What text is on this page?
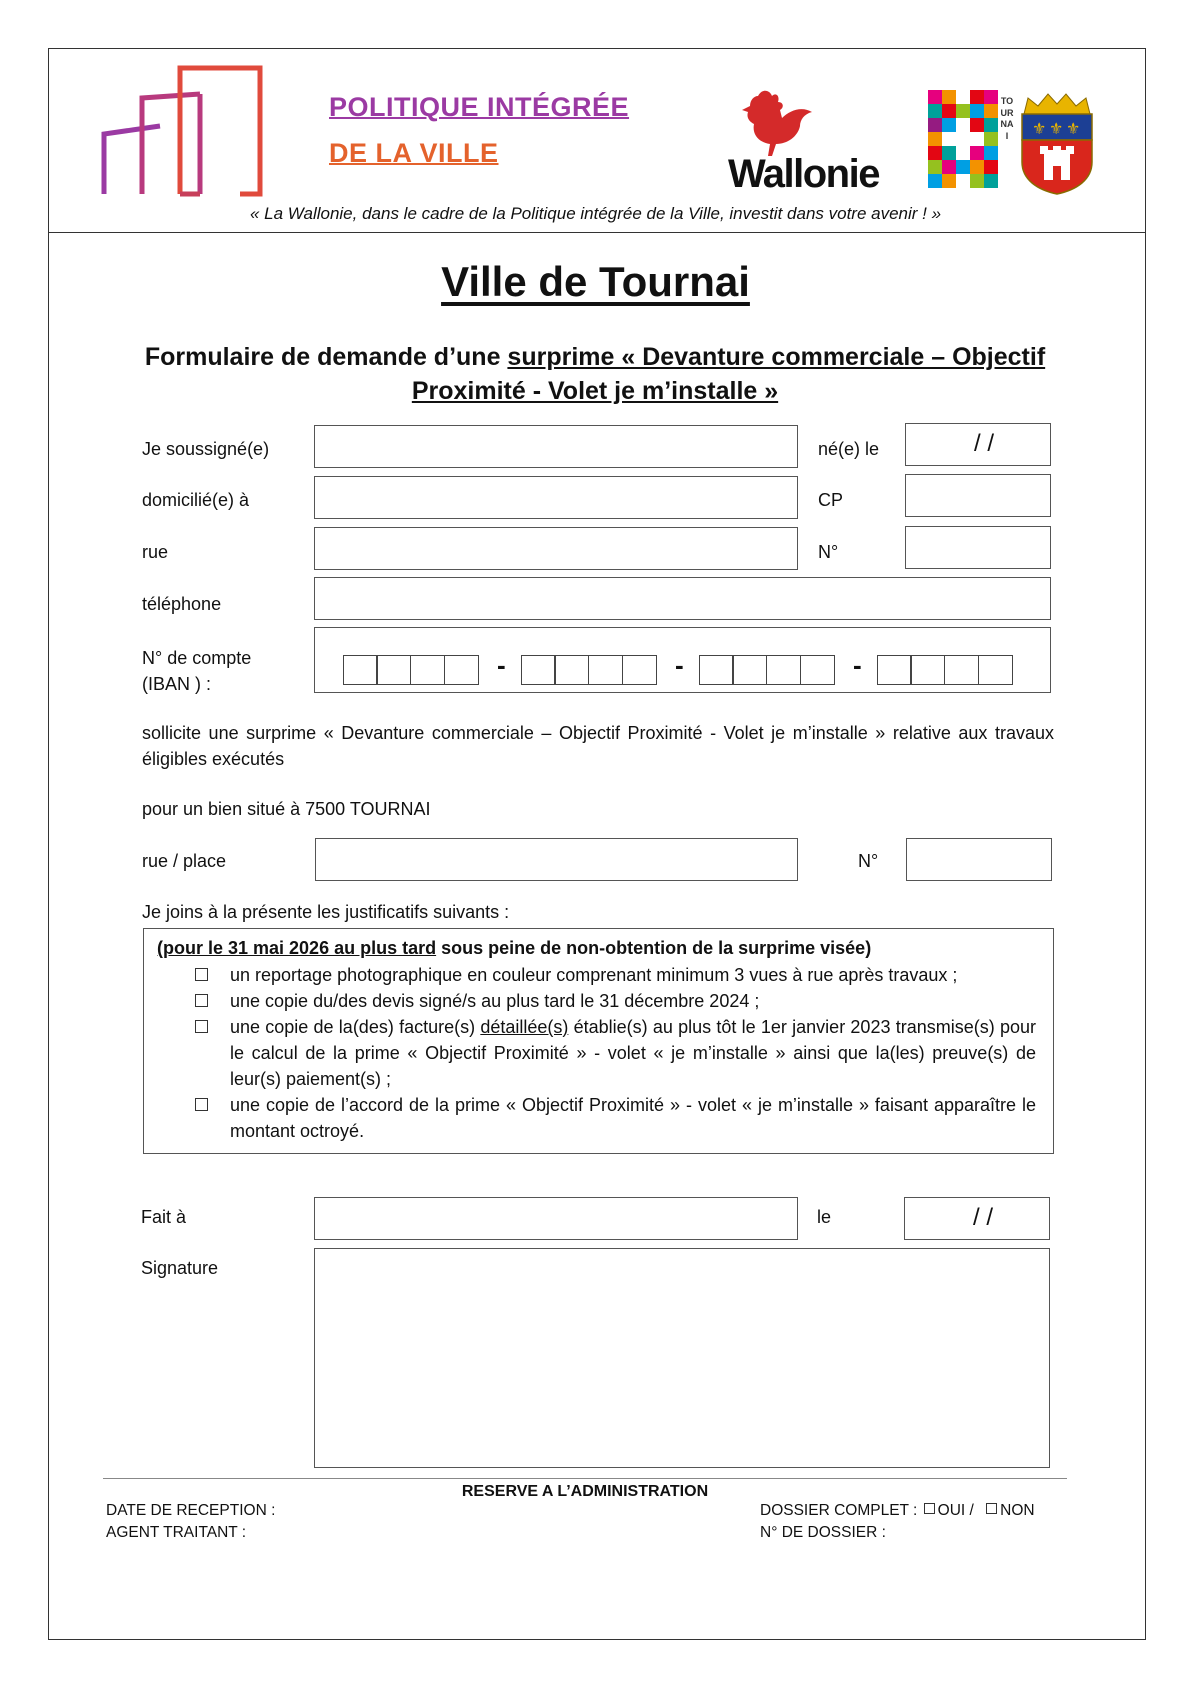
POLITIQUE INTÉGRÉE
DE LA VILLE	Wallonie
TOURNAI	⚜ ⚜ ⚜
« La Wallonie, dans le cadre de la Politique intégrée de la Ville, investit dans votre avenir ! »
Ville de Tournai
Formulaire de demande d’une surprime « Devanture commerciale – Objectif Proximité - Volet je m’installe »
Je soussigné(e)	né(e) le	/ /
domicilié(e) à	CP
rue	N°
téléphone
N° de compte
(IBAN ) :
-	-	-
sollicite une surprime « Devanture commerciale – Objectif Proximité - Volet je m’installe » relative aux travaux éligibles exécutés
pour un bien situé à 7500 TOURNAI
rue / place	N°
Je joins à la présente les justificatifs suivants :
(pour le 31 mai 2026 au plus tard sous peine de non-obtention de la surprime visée)
un reportage photographique en couleur comprenant minimum 3 vues à rue après travaux ;
une copie du/des devis signé/s au plus tard le 31 décembre 2024 ;
une copie de la(des) facture(s) détaillée(s) établie(s) au plus tôt le 1er janvier 2023 transmise(s) pour le calcul de la prime « Objectif Proximité » - volet « je m’installe » ainsi que la(les) preuve(s) de leur(s) paiement(s) ;
une copie de l’accord de la prime « Objectif Proximité » - volet « je m’installe » faisant apparaître le montant octroyé.
Fait à	le	/ /
Signature
RESERVE A L’ADMINISTRATION
DATE DE RECEPTION :
AGENT TRAITANT :
DOSSIER COMPLET : OUI / NON
N° DE DOSSIER :
